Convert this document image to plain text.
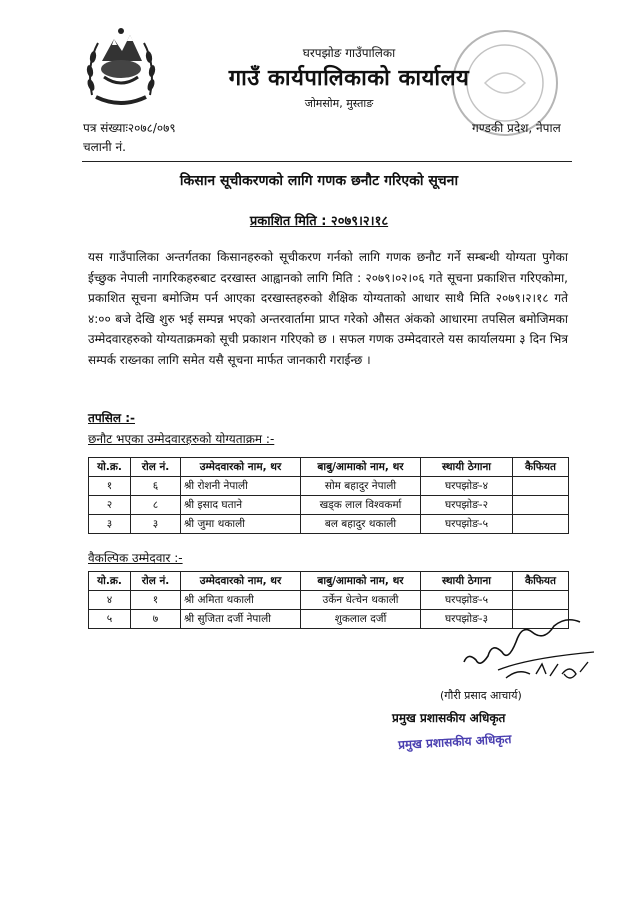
घरपझोङ गाउँपालिका
गाउँ कार्यपालिकाको कार्यालय
जोमसोम, मुस्ताङ
पत्र संख्याः२०७८/०७९
चलानी नं.
गण्डकी प्रदेश, नेपाल
किसान सूचीकरणको लागि गणक छनौट गरिएको सूचना
प्रकाशित मिति : २०७९।२।१८
यस गाउँपालिका अन्तर्गतका किसानहरुको सूचीकरण गर्नको लागि गणक छनौट गर्ने सम्बन्धी योग्यता पुगेका ईच्छुक नेपाली नागरिकहरुबाट दरखास्त आह्वानको लागि मिति : २०७९।०२।०६ गते सूचना प्रकाशित्त गरिएकोमा, प्रकाशित सूचना बमोजिम पर्न आएका दरखास्तहरुको शैक्षिक योग्यताको आधार साथै मिति २०७९।२।१८ गते ४:०० बजे देखि शुरु भई सम्पन्न भएको अन्तरवार्तामा प्राप्त गरेको औसत अंकको आधारमा तपसिल बमोजिमका उम्मेदवारहरुको योग्यताक्रमको सूची प्रकाशन गरिएको छ । सफल गणक उम्मेदवारले यस कार्यालयमा ३ दिन भित्र सम्पर्क राख्नका लागि समेत यसै सूचना मार्फत जानकारी गराईन्छ ।
तपसिल :-
छनौट भएका उम्मेदवारहरुको योग्यताक्रम :-
यो.क्र.	रोल नं.	उम्मेदवारको नाम, थर	बाबु/आमाको नाम, थर	स्थायी ठेगाना	कैफियत
१	६	श्री रोशनी नेपाली	सोम बहादुर नेपाली	घरपझोङ-४	
२	८	श्री इसाद घताने	खड्क लाल विश्वकर्मा	घरपझोङ-२	
३	३	श्री जुमा थकाली	बल बहादुर थकाली	घरपझोङ-५	
वैकल्पिक उम्मेदवार :-
यो.क्र.	रोल नं.	उम्मेदवारको नाम, थर	बाबु/आमाको नाम, थर	स्थायी ठेगाना	कैफियत
४	१	श्री अमिता थकाली	उर्केन धेत्चेन थकाली	घरपझोङ-५	
५	७	श्री सुजिता दर्जी नेपाली	शुकलाल दर्जी	घरपझोङ-३	
(गौरी प्रसाद आचार्य)
प्रमुख प्रशासकीय अधिकृत
प्रमुख प्रशासकीय अधिकृत
